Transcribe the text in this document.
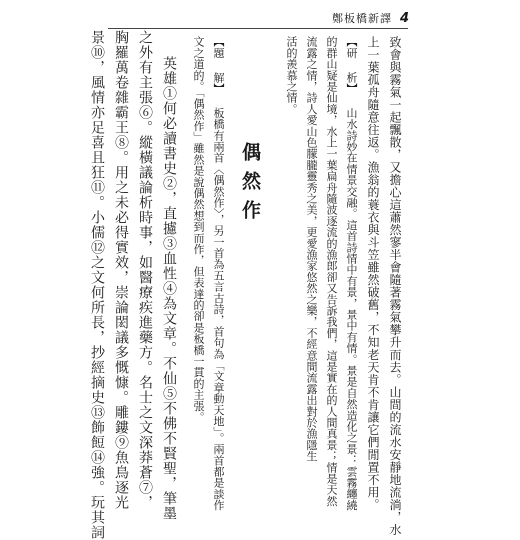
鄭板橋新譯 4
致會與霧氣一起飄散，又擔心這蕭然寥半會隨著霧氣攀升而去。山間的流水安靜地流淌，水
上一葉孤舟隨意往返。漁翁的蓑衣與斗笠雖然破舊，不知老天肯不肯讓它們閒置不用。
【研 析】 山水詩妙在情景交融。這首詩情中有景，景中有情。景是自然造化之景：雲霧纏繞
的群山疑是仙境，水上一葉扁舟隨波逐流的漁郎卻又告訴我們，這是實在的人間真景；情是天然
流露之情，詩人愛山色朦朧靈秀之美，更愛漁家悠然之樂，不經意間流露出對於漁隱生
活的羨慕之情。
偶然作
【題 解】 板橋有兩首〈偶然作〉，另一首為五言古詩，首句為「文章動天地」。兩首都是談作
文之道的。「偶然作」雖然是說偶然想到而作，但表達的卻是板橋一貫的主張。
英雄①何必讀書史②，直攄③血性④為文章。不仙⑤不佛不賢聖，筆墨
之外有主張⑥。縱橫議論析時事，如醫療疾進藥方。名士之文深莽蒼⑦，
胸羅萬卷雜霸王⑧。用之未必得實效，崇論閎議多慨慷。雕鏤⑨魚鳥逐光
景⑩，風情亦足喜且狂⑪。小儒⑫之文何所長，抄經摘史⑬飾餖⑭強。玩其詞
